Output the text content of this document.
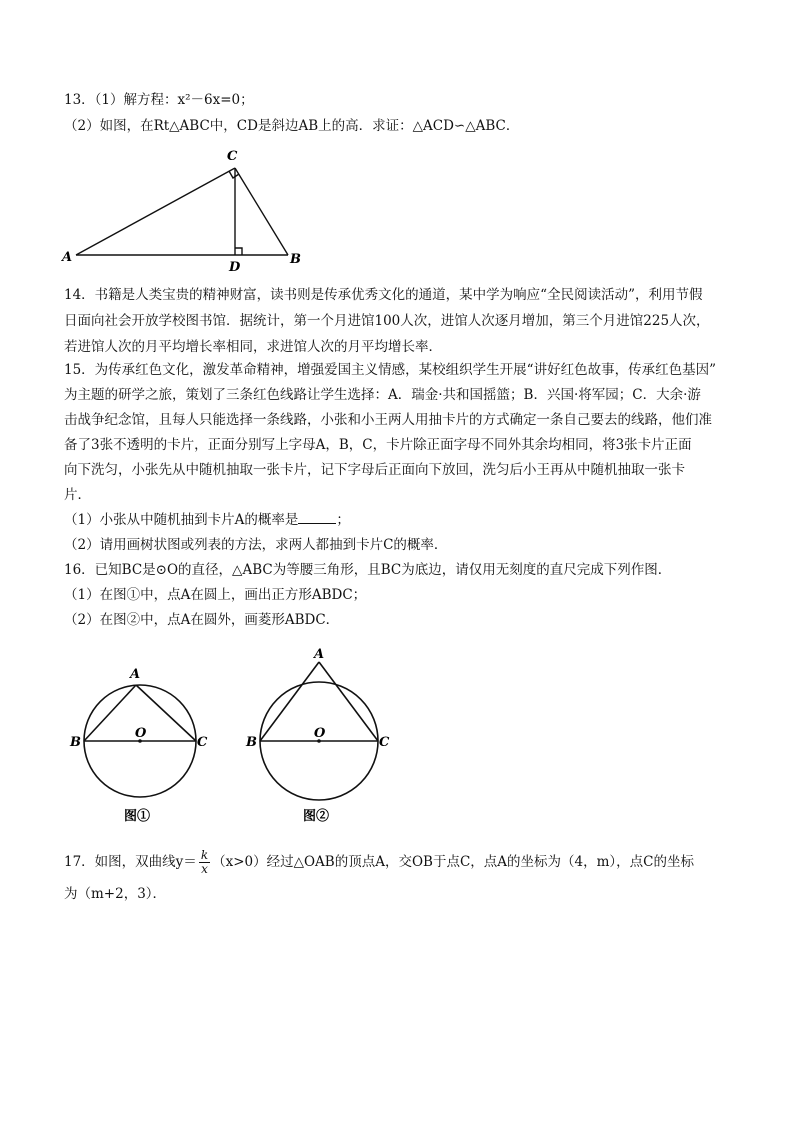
13．（1）解方程：x²－6x=0；
（2）如图，在Rt△ABC中，CD是斜边AB上的高．求证：△ACD∽△ABC．
A
C
B
D
14．书籍是人类宝贵的精神财富，读书则是传承优秀文化的通道，某中学为响应“全民阅读活动”，利用节假
日面向社会开放学校图书馆．据统计，第一个月进馆100人次，进馆人次逐月增加，第三个月进馆225人次，
若进馆人次的月平均增长率相同，求进馆人次的月平均增长率．
15．为传承红色文化，激发革命精神，增强爱国主义情感，某校组织学生开展“讲好红色故事，传承红色基因”
为主题的研学之旅，策划了三条红色线路让学生选择：A．瑞金·共和国摇篮；B．兴国·将军园；C．大余·游
击战争纪念馆，且每人只能选择一条线路，小张和小王两人用抽卡片的方式确定一条自己要去的线路，他们准
备了3张不透明的卡片，正面分别写上字母A，B，C，卡片除正面字母不同外其余均相同，将3张卡片正面
向下洗匀，小张先从中随机抽取一张卡片，记下字母后正面向下放回，洗匀后小王再从中随机抽取一张卡
片．
（1）小张从中随机抽到卡片A的概率是	；
（2）请用画树状图或列表的方法，求两人都抽到卡片C的概率．
16．已知BC是⊙O的直径，△ABC为等腰三角形，且BC为底边，请仅用无刻度的直尺完成下列作图．
（1）在图①中，点A在圆上，画出正方形ABDC；
（2）在图②中，点A在圆外，画菱形ABDC．
A
B	C
O
图①
A
B	C
O
图②
17．如图，双曲线$y= \frac{k}{x} (x>0)$经过△OAB的顶点A，交OB于点C，点A的坐标为（4，m），点C的坐标
为（m+2，3）．
